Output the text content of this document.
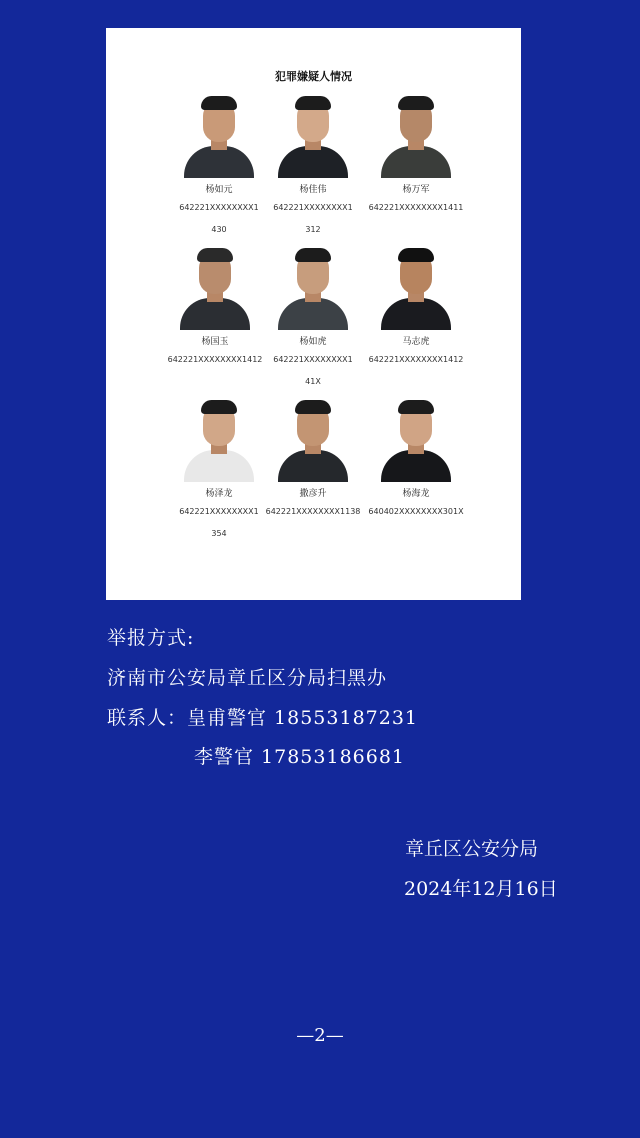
犯罪嫌疑人情况
杨如元
642221XXXXXXXX1
430
杨佳伟
642221XXXXXXXX1
312
杨万军
642221XXXXXXXX1411
杨国玉
642221XXXXXXXX1412
杨如虎
642221XXXXXXXX1
41X
马志虎
642221XXXXXXXX1412
杨泽龙
642221XXXXXXXX1
354
撒彦升
642221XXXXXXXX1138
杨海龙
640402XXXXXXXX301X
举报方式:
济南市公安局章丘区分局扫黑办
联系人：皇甫警官 18553187231
李警官 17853186681
章丘区公安分局
2024年12月16日
—2—
